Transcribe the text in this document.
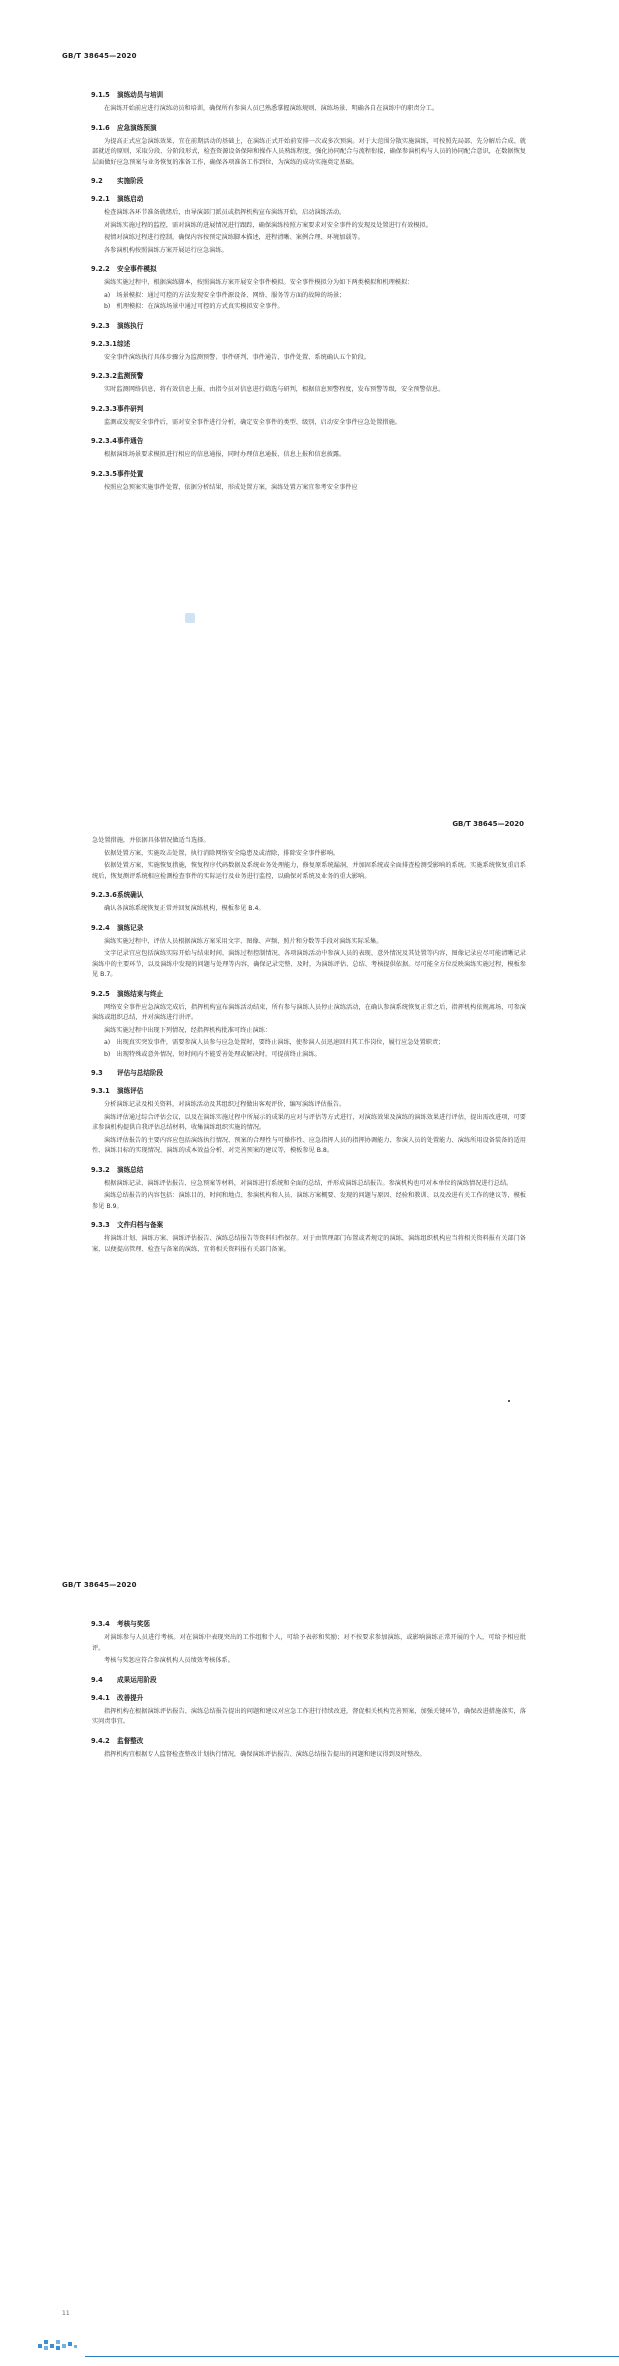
GB/T 38645—2020
9.1.5 演练动员与培训
在演练开始前应进行演练动员和培训，确保所有参演人员已熟悉掌握演练规则、演练场景、明确各自在演练中的职责分工。
9.1.6 应急演练预演
为提高正式应急演练效果，宜在前期活动的基础上，在演练正式开始前安排一次或多次预演。对于大范围分散实施演练，可按照先局部、先分解后合成、就部就近的原则，采取分段、分阶段形式，检查资源设备保障和操作人员熟练程度，强化协同配合与流程衔接，确保参演机构与人员的协同配合意识，在数据恢复层面做好应急预案与业务恢复的准备工作，确保各项准备工作到位，为演练的成功实施奠定基础。
9.2 实施阶段
9.2.1 演练启动
检查演练各环节准备就绪后，由导演部门派员或指挥机构宣布演练开始，启动演练活动。
对演练实施过程的监控，需对演练的进展情况进行跟踪，确保演练按照方案要求对安全事件的发现及处置进行有效模拟。
视情对演练过程进行控制，确保内容按预定演练脚本描述，进程清晰、案例合理、环境加载等。
各参演机构按照演练方案开展运行应急演练。
9.2.2 安全事件模拟
演练实施过程中，根据演练脚本，按照演练方案开展安全事件模拟。安全事件模拟分为如下两类模拟和机理模拟：
a)　场景模拟：通过可控的方法发现安全事件源设备、网络、服务等方面的故障的场景；
b)　机理模拟：在演练场景中通过可控的方式真实模拟安全事件。
9.2.3 演练执行
9.2.3.1综述
安全事件演练执行具体步骤分为监测预警、事件研判、事件通告、事件处置、系统确认五个阶段。
9.2.3.2监测预警
实时监测网络信息，将有效信息上报，由指令员对信息进行筛选与研判，根据信息预警程度，发布预警等级，安全预警信息。
9.2.3.3事件研判
监测或发现安全事件后，需对安全事件进行分析，确定安全事件的类型、级别，启动安全事件应急处置措施。
9.2.3.4事件通告
根据演练场景要求模拟进行相应的信息通报，同时办理信息通报、信息上报和信息披露。
9.2.3.5事件处置
按照应急预案实施事件处置，依据分析结果，形成处置方案，演练处置方案宜参考安全事件应
GB/T 38645—2020
急处置措施，并依据具体情况做适当选择。
依据处置方案，实施攻击处置，执行消除网络安全隐患及或清除，排除安全事件影响。
依据处置方案，实施恢复措施，恢复程序代码数据及系统业务处理能力，修复原系统漏洞，并加固系统或全面排查检测受影响的系统。实施系统恢复重启系统后，恢复测评系统相应检测检查事件的实际运行及业务进行监控，以确保对系统及业务的重大影响。
9.2.3.6系统确认
确认各演练系统恢复正常并回复演练机构，模板参见 B.4。
9.2.4 演练记录
演练实施过程中，评估人员根据演练方案采用文字、图像、声频、照片和分数等手段对演练实际采集。
文字记录宜应包括演练实际开始与结束时间、演练过程控制情况、各项演练活动中参演人员的表现、意外情况及其处置等内容，图像记录应尽可能清晰记录演练中的主要环节，以及演练中发现的问题与处理等内容，确保记录完整、及时，为演练评估、总结、考核提供依据。尽可能全方位反映演练实施过程，模板参见 B.7。
9.2.5 演练结束与终止
网络安全事件应急演练完成后，指挥机构宣布演练活动结束，所有参与演练人员停止演练活动，在确认参演系统恢复正常之后，指挥机构依规离场，可参演演练或组织总结，并对演练进行讲评。
演练实施过程中出现下列情况，经指挥机构批准可终止演练：
a)　出现真实突发事件，需要参演人员参与应急处置时，要终止演练，使参演人员迅速回归其工作岗位，履行应急处置职责；
b)　出现特殊或意外情况，短时间内不能妥善处理或解决时，可提前终止演练。
9.3 评估与总结阶段
9.3.1 演练评估
分析演练记录及相关资料，对演练活动及其组织过程做出客观评价，编写演练评估报告。
演练评估通过综合评估会议，以及在演练实施过程中所展示的成果的应对与评估等方式进行，对演练效果及演练的演练效果进行评估，提出需改进项，可要求参演机构提供自我评估总结材料，收集演练组织实施的情况。
演练评估报告的主要内容应包括演练执行情况、预案的合理性与可操作性、应急指挥人员的指挥协调能力、参演人员的处置能力、演练所用设备装备的适用性、演练目标的实现情况、演练的成本效益分析、对完善预案的建议等，模板参见 B.8。
9.3.2 演练总结
根据演练记录、演练评估报告、应急预案等材料，对演练进行系统和全面的总结，并形成演练总结报告。参演机构也可对本单位的演练情况进行总结。
演练总结报告的内容包括：演练目的、时间和地点、参演机构和人员、演练方案概要、发现的问题与原因、经验和教训、以及改进有关工作的建议等，模板参见 B.9。
9.3.3 文件归档与备案
将演练计划、演练方案、演练评估报告、演练总结报告等资料归档保存。对于由管理部门布置或者规定的演练，演练组织机构应当将相关资料报有关部门备案，以便提高管理、检查与备案的演练，宜将相关资料报有关部门备案。
GB/T 38645—2020
9.3.4 考核与奖惩
对演练参与人员进行考核。对在演练中表现突出的工作组和个人，可给予表彰和奖励；对不按要求参加演练，或影响演练正常开展的个人，可给予相应批评。
考核与奖惩应符合参演机构人员绩效考核体系。
9.4 成果运用阶段
9.4.1 改善提升
指挥机构在根据演练评估报告、演练总结报告提出的问题和建议对应急工作进行持续改进，督促相关机构完善预案，加强关键环节，确保改进措施落实，落实问责事宜。
9.4.2 监督整改
指挥机构宜根据专人监督检查整改计划执行情况，确保演练评估报告、演练总结报告提出的问题和建议得到及时整改。
11
